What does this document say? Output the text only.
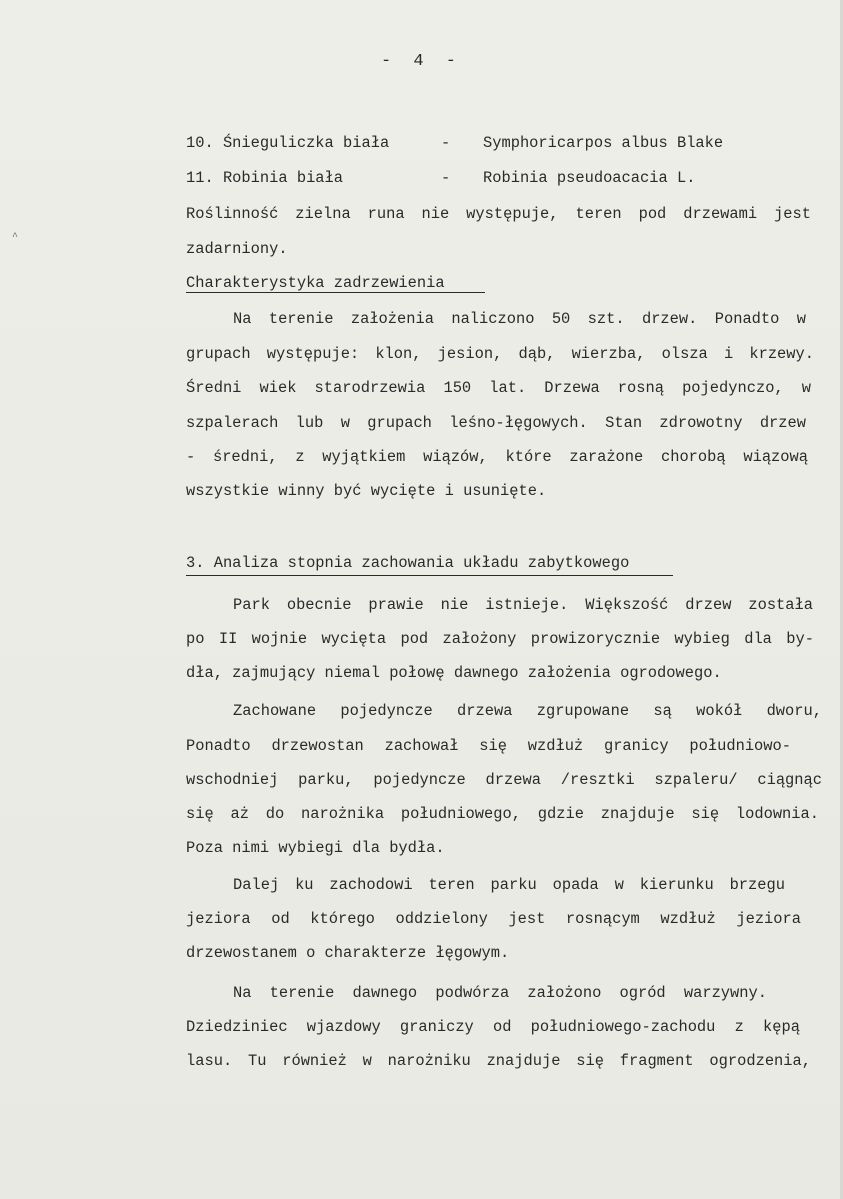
^
- 4 -
10. Śnieguliczka biała	- Symphoricarpos albus Blake
11. Robinia biała	- Robinia pseudoacacia L.
Roślinność zielna runa nie występuje, teren pod drzewami jest
zadarniony.
Charakterystyka zadrzewienia
Na terenie założenia naliczono 50 szt. drzew. Ponadto w
grupach występuje: klon, jesion, dąb, wierzba, olsza i krzewy.
Średni wiek starodrzewia 150 lat. Drzewa rosną pojedynczo, w
szpalerach lub w grupach leśno-łęgowych. Stan zdrowotny drzew
- średni, z wyjątkiem wiązów, które zarażone chorobą wiązową
wszystkie winny być wycięte i usunięte.
3. Analiza stopnia zachowania układu zabytkowego
Park obecnie prawie nie istnieje. Większość drzew została
po II wojnie wycięta pod założony prowizorycznie wybieg dla by-
dła, zajmujący niemal połowę dawnego założenia ogrodowego.
Zachowane pojedyncze drzewa zgrupowane są wokół dworu,
Ponadto drzewostan zachował się wzdłuż granicy południowo-
wschodniej parku, pojedyncze drzewa /resztki szpaleru/ ciągnąc
się aż do narożnika południowego, gdzie znajduje się lodownia.
Poza nimi wybiegi dla bydła.
Dalej ku zachodowi teren parku opada w kierunku brzegu
jeziora od którego oddzielony jest rosnącym wzdłuż jeziora
drzewostanem o charakterze łęgowym.
Na terenie dawnego podwórza założono ogród warzywny.
Dziedziniec wjazdowy graniczy od południowego-zachodu z kępą
lasu. Tu również w narożniku znajduje się fragment ogrodzenia,
